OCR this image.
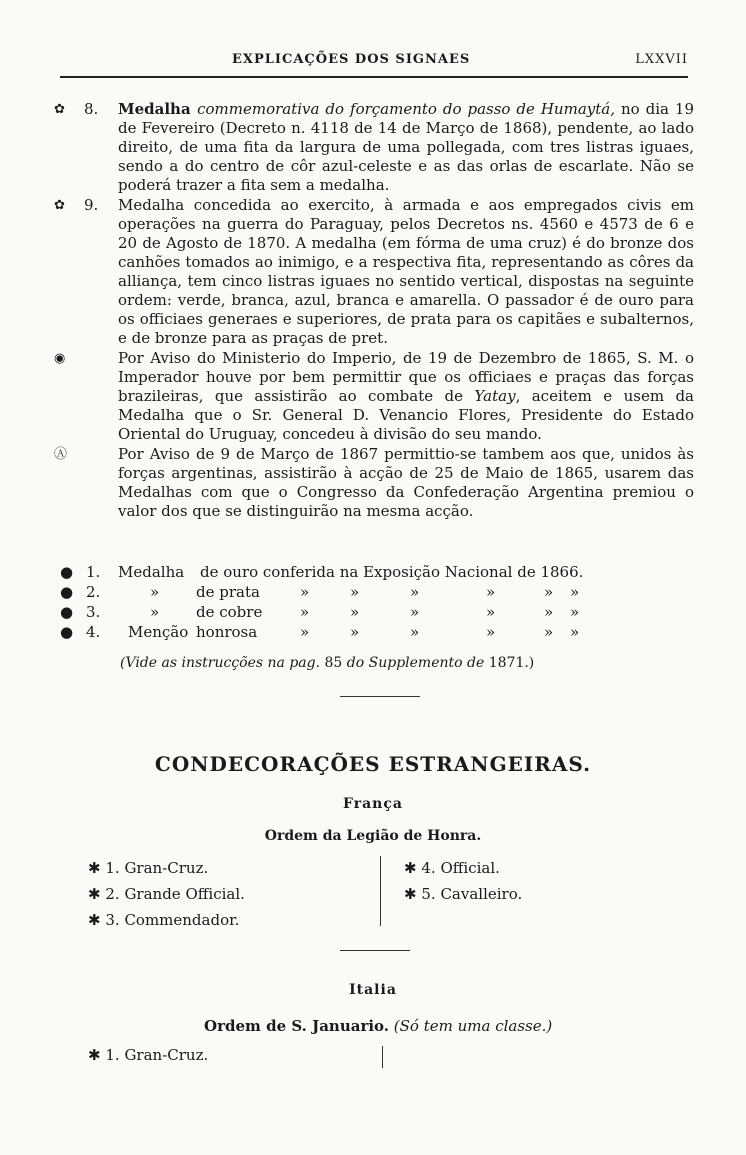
EXPLICAÇÕES DOS SIGNAES	LXXVII
✿	8. Medalha commemorativa do forçamento do passo de Humaytá, no dia 19 de Fevereiro (Decreto n. 4118 de 14 de Março de 1868), pendente, ao lado direito, de uma fita da largura de uma pollegada, com tres listras iguaes, sendo a do centro de côr azul-celeste e as das orlas de escarlate. Não se poderá trazer a fita sem a medalha.
✿	9. Medalha concedida ao exercito, à armada e aos empregados civis em operações na guerra do Paraguay, pelos Decretos ns. 4560 e 4573 de 6 e 20 de Agosto de 1870. A medalha (em fórma de uma cruz) é do bronze dos canhões tomados ao inimigo, e a respectiva fita, representando as côres da alliança, tem cinco listras iguaes no sentido vertical, dispostas na seguinte ordem: verde, branca, azul, branca e amarella. O passador é de ouro para os officiaes generaes e superiores, de prata para os capitães e subalternos, e de bronze para as praças de pret.
◉	Por Aviso do Ministerio do Imperio, de 19 de Dezembro de 1865, S. M. o Imperador houve por bem permittir que os officiaes e praças das forças brazileiras, que assistirão ao combate de Yatay, aceitem e usem da Medalha que o Sr. General D. Venancio Flores, Presidente do Estado Oriental do Uruguay, concedeu à divisão do seu mando.
Ⓐ	Por Aviso de 9 de Março de 1867 permittio-se tambem aos que, unidos às forças argentinas, assistirão à acção de 25 de Maio de 1865, usarem das Medalhas com que o Congresso da Confederação Argentina premiou o valor dos que se distinguirão na mesma acção.
● 1. Medalha de ouro conferida na Exposição Nacional de 1866.
● 2.	» de prata	»	»	»	»	» »
● 3.	» de cobre	»	»	»	»	» »
● 4. Menção honrosa	»	»	»	»	» »
(Vide as instrucções na pag. 85 do Supplemento de 1871.)
CONDECORAÇÕES ESTRANGEIRAS.
França
Ordem da Legião de Honra.
✱ 1. Gran-Cruz.
✱ 2. Grande Official.
✱ 3. Commendador.
✱ 4. Official.
✱ 5. Cavalleiro.
Italia
Ordem de S. Januario. (Só tem uma classe.)
✱ 1. Gran-Cruz.
